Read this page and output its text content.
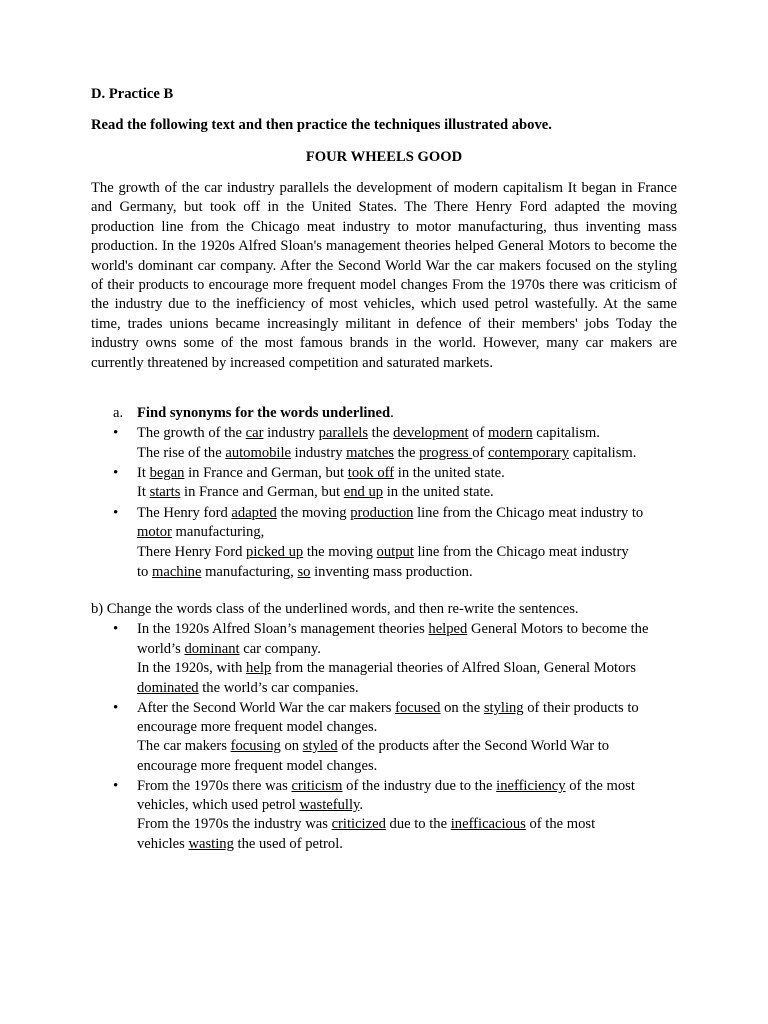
D. Practice B

Read the following text and then practice the techniques illustrated above.

FOUR WHEELS GOOD

The growth of the car industry parallels the development of modern capitalism It began in France and Germany, but took off in the United States. The There Henry Ford adapted the moving production line from the Chicago meat industry to motor manufacturing, thus inventing mass production. In the 1920s Alfred Sloan's management theories helped General Motors to become the world's dominant car company. After the Second World War the car makers focused on the styling of their products to encourage more frequent model changes From the 1970s there was criticism of the industry due to the inefficiency of most vehicles, which used petrol wastefully. At the same time, trades unions became increasingly militant in defence of their members' jobs Today the industry owns some of the most famous brands in the world. However, many car makers are currently threatened by increased competition and saturated markets.

a. Find synonyms for the words underlined.
• The growth of the car industry parallels the development of modern capitalism.
The rise of the automobile industry matches the progress of contemporary capitalism.
• It began in France and German, but took off in the united state.
It starts in France and German, but end up in the united state.
• The Henry ford adapted the moving production line from the Chicago meat industry to
motor manufacturing,
There Henry Ford picked up the moving output line from the Chicago meat industry
to machine manufacturing, so inventing mass production.
b) Change the words class of the underlined words, and then re-write the sentences.
• In the 1920s Alfred Sloan’s management theories helped General Motors to become the
world’s dominant car company.
In the 1920s, with help from the managerial theories of Alfred Sloan, General Motors
dominated the world’s car companies.
• After the Second World War the car makers focused on the styling of their products to
encourage more frequent model changes.
The car makers focusing on styled of the products after the Second World War to
encourage more frequent model changes.
• From the 1970s there was criticism of the industry due to the inefficiency of the most
vehicles, which used petrol wastefully.
From the 1970s the industry was criticized due to the inefficacious of the most
vehicles wasting the used of petrol.
